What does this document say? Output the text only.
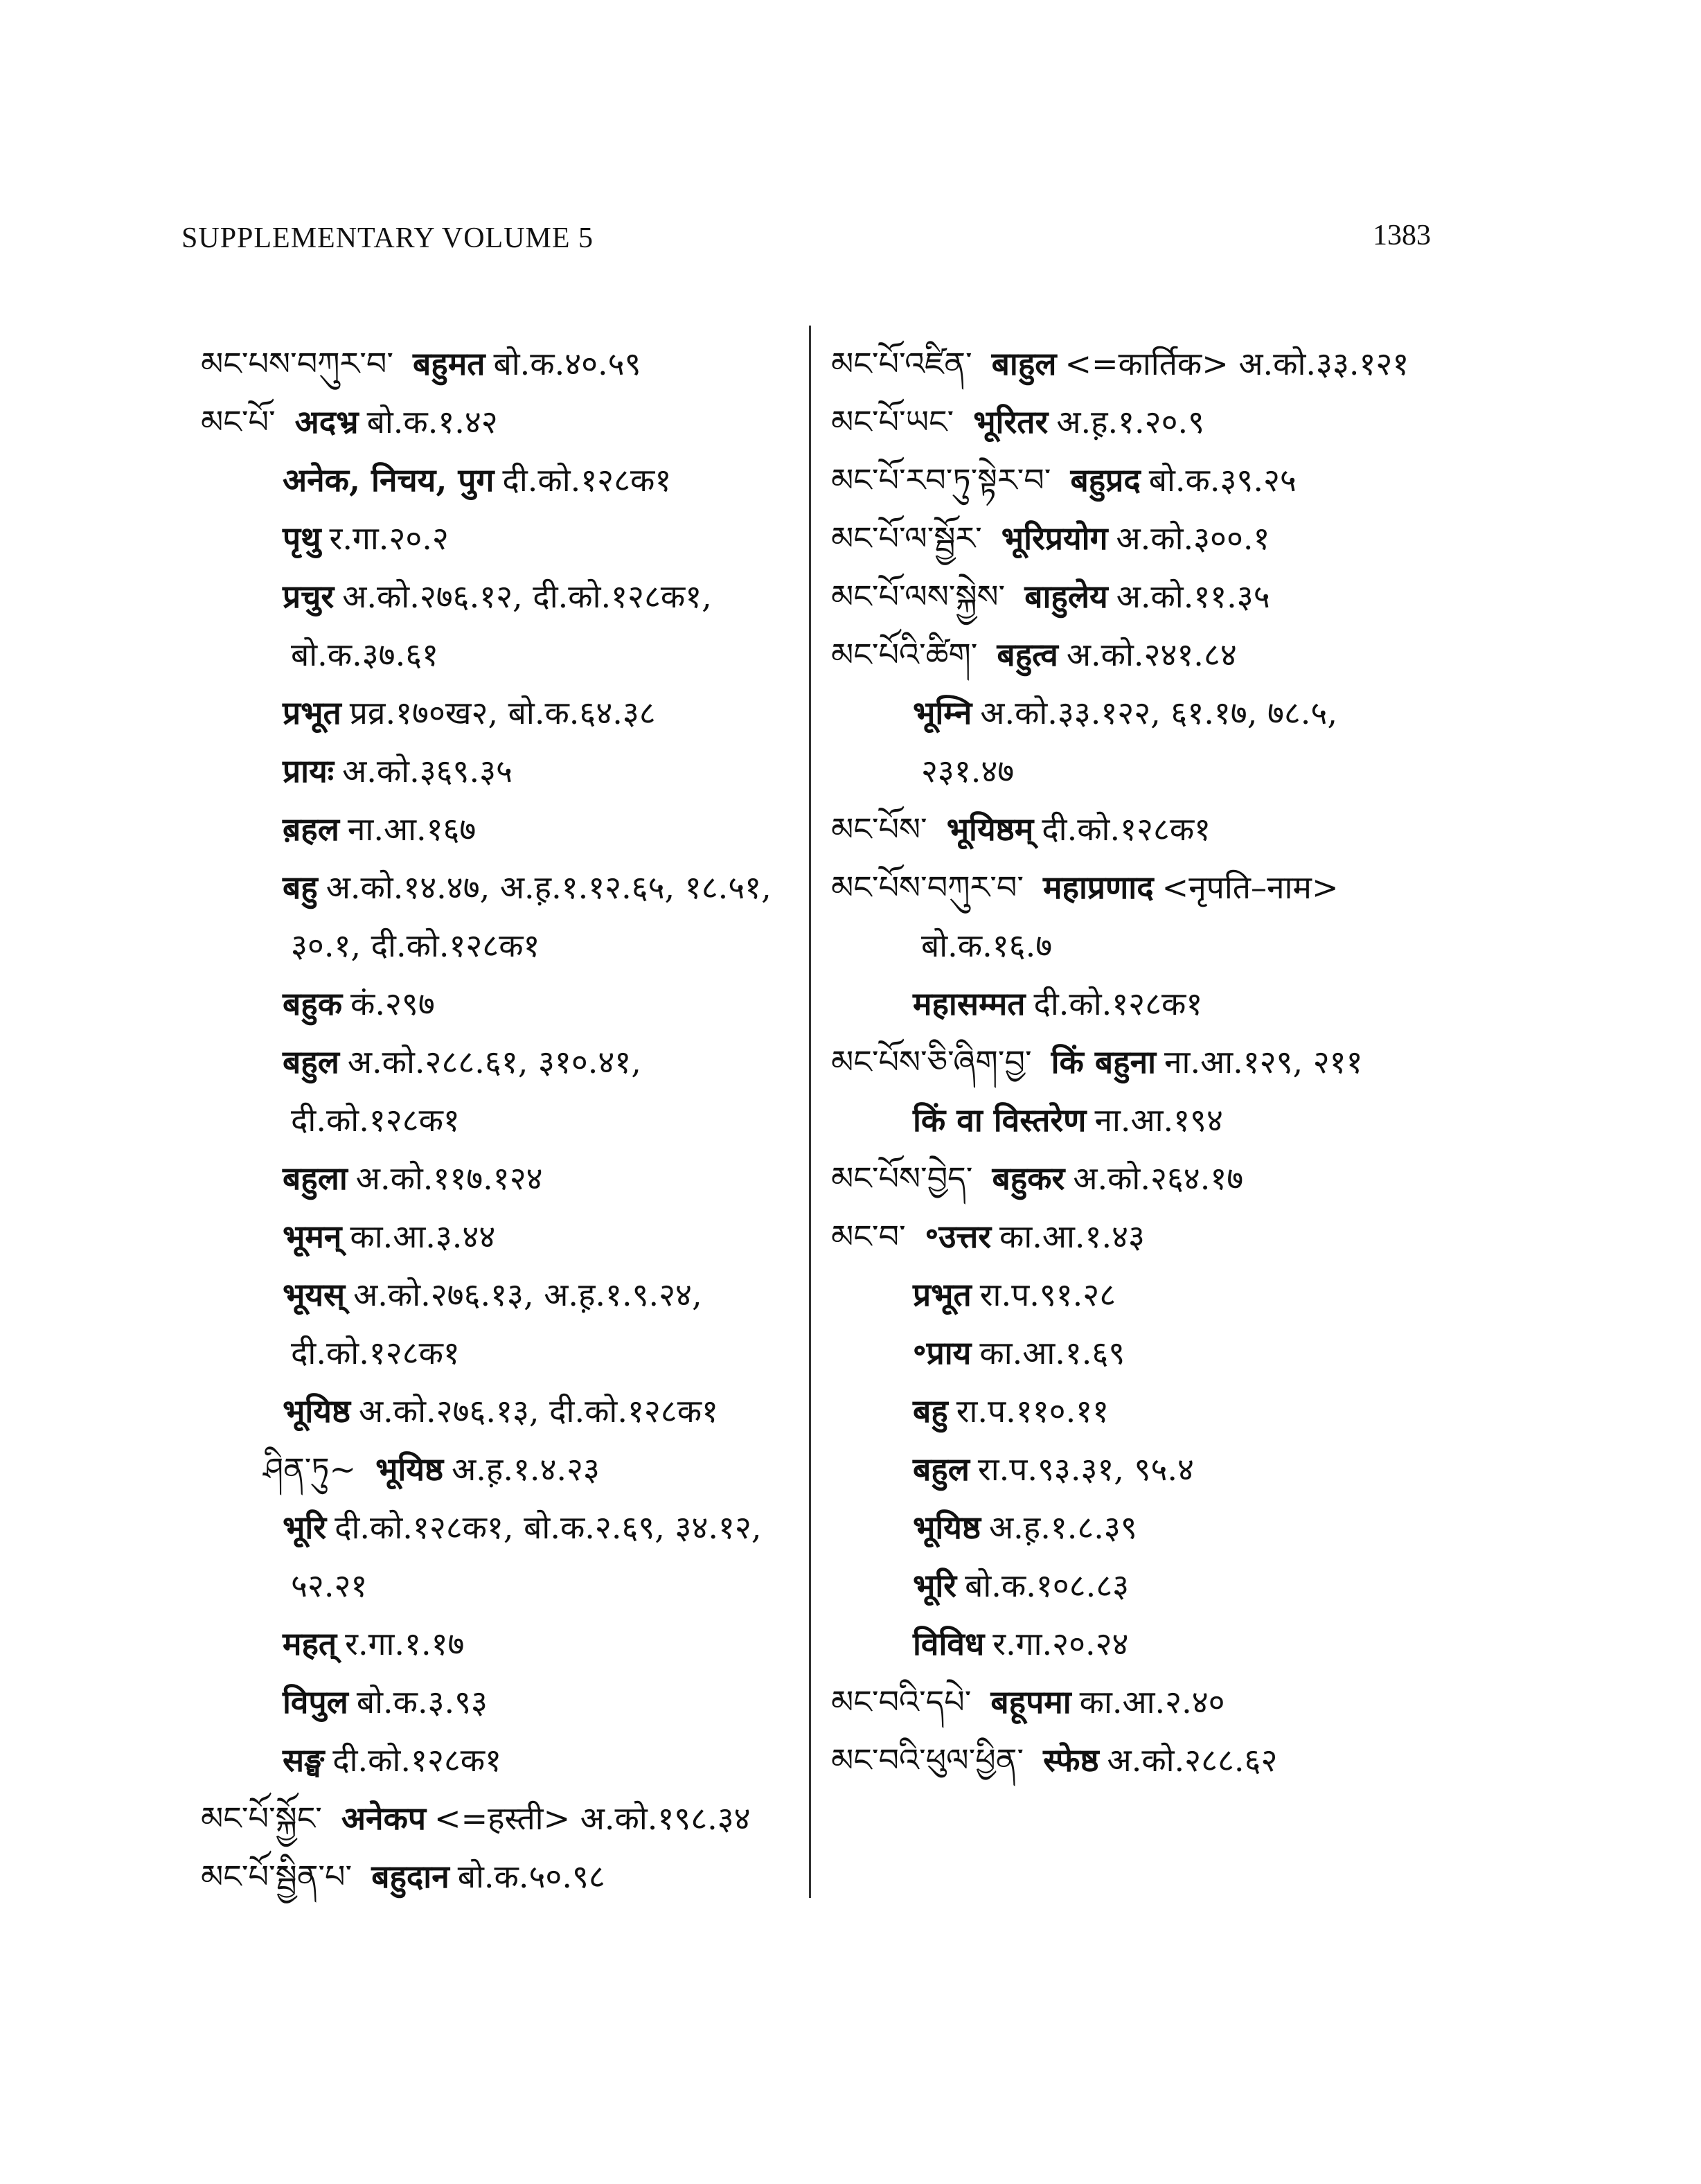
SUPPLEMENTARY VOLUME 5	1383
མང་པས་བཀུར་བ་ बहुमत बो.क.४०.५९
མང་པོ་ अदभ्र बो.क.१.४२
अनेक, निचय, पुग दी.को.१२८क१
पृथु र.गा.२०.२
प्रचुर अ.को.२७६.१२, दी.को.१२८क१,
बो.क.३७.६१
प्रभूत प्रव्र.१७०ख२, बो.क.६४.३८
प्रायः अ.को.३६९.३५
ब़हल ना.आ.१६७
बहु अ.को.१४.४७, अ.ह़.१.१२.६५, १८.५१,
३०.१, दी.को.१२८क१
बहुक कं.२९७
बहुल अ.को.२८८.६१, ३१०.४१,
दी.को.१२८क१
बहुला अ.को.११७.१२४
भूमन् का.आ.३.४४
भूयस् अ.को.२७६.१३, अ.ह़.१.९.२४,
दी.को.१२८क१
भूयिष्ठ अ.को.२७६.१३, दी.को.१२८क१
ཤིན་ཏུ~ भूयिष्ठ अ.ह़.१.४.२३
भूरि दी.को.१२८क१, बो.क.२.६९, ३४.१२,
५२.२१
महत् र.गा.१.१७
विपुल बो.क.३.९३
सङ्घ दी.को.१२८क१
མང་པོ་སྐྱོང་ अनेकप <=हस्ती> अ.को.१९८.३४
མང་པོ་སྦྱིན་པ་ बहुदान बो.क.५०.९८
མང་པོ་འཛིན་ बाहुल <=कार्तिक> अ.को.३३.१२१
མང་པོ་ཡང་ भूरितर अ.ह़.१.२०.९
མང་པོ་རབ་ཏུ་སྟེར་བ་ बहुप्रद बो.क.३९.२५
མང་པོ་ལ་སྦྱོར་ भूरिप्रयोग अ.को.३००.१
མང་པོ་ལས་སྐྱེས་ बाहुलेय अ.को.११.३५
མང་པོའི་ཚིག་ बहुत्व अ.को.२४१.८४
भूम्नि अ.को.३३.१२२, ६१.१७, ७८.५,
२३१.४७
མང་པོས་ भूयिष्ठम् दी.को.१२८क१
མང་པོས་བཀུར་བ་ महाप्रणाद <नृपति–नाम>
बो.क.१६.७
महासम्मत दी.को.१२८क१
མང་པོས་ཅི་ཞིག་བྱ་ किं बहुना ना.आ.१२९, २११
किं वा विस्तरेण ना.आ.१९४
མང་པོས་བྱེད་ बहुकर अ.को.२६४.१७
མང་བ་ ॰उत्तर का.आ.१.४३
प्रभूत रा.प.९१.२८
॰प्राय का.आ.१.६९
बहु रा.प.११०.११
बहुल रा.प.९३.३१, ९५.४
भूयिष्ठ अ.ह़.१.८.३९
भूरि बो.क.१०८.८३
विविध र.गा.२०.२४
མང་བའི་དཔེ་ बहूपमा का.आ.२.४०
མང་བའི་ཕུལ་ཕྱིན་ स्फेष्ठ अ.को.२८८.६२
